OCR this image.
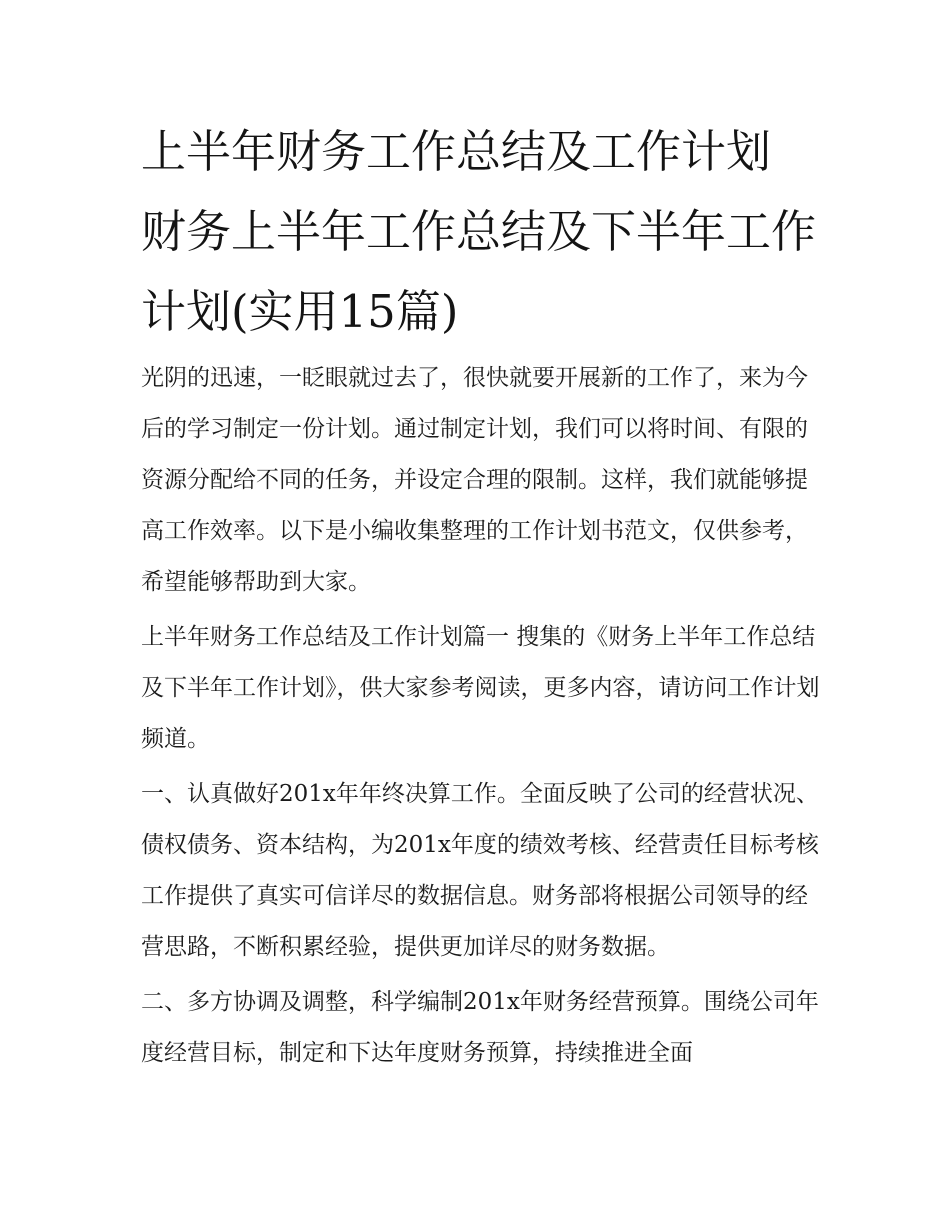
上半年财务工作总结及工作计划 财务上半年工作总结及下半年工作计划(实用15篇)

光阴的迅速，一眨眼就过去了，很快就要开展新的工作了，来为今后的学习制定一份计划。通过制定计划，我们可以将时间、有限的资源分配给不同的任务，并设定合理的限制。这样，我们就能够提高工作效率。以下是小编收集整理的工作计划书范文，仅供参考，希望能够帮助到大家。

上半年财务工作总结及工作计划篇一 搜集的《财务上半年工作总结及下半年工作计划》，供大家参考阅读，更多内容，请访问工作计划频道。

一、认真做好201x年年终决算工作。全面反映了公司的经营状况、债权债务、资本结构，为201x年度的绩效考核、经营责任目标考核工作提供了真实可信详尽的数据信息。财务部将根据公司领导的经营思路，不断积累经验，提供更加详尽的财务数据。

二、多方协调及调整，科学编制201x年财务经营预算。围绕公司年度经营目标，制定和下达年度财务预算，持续推进全面
